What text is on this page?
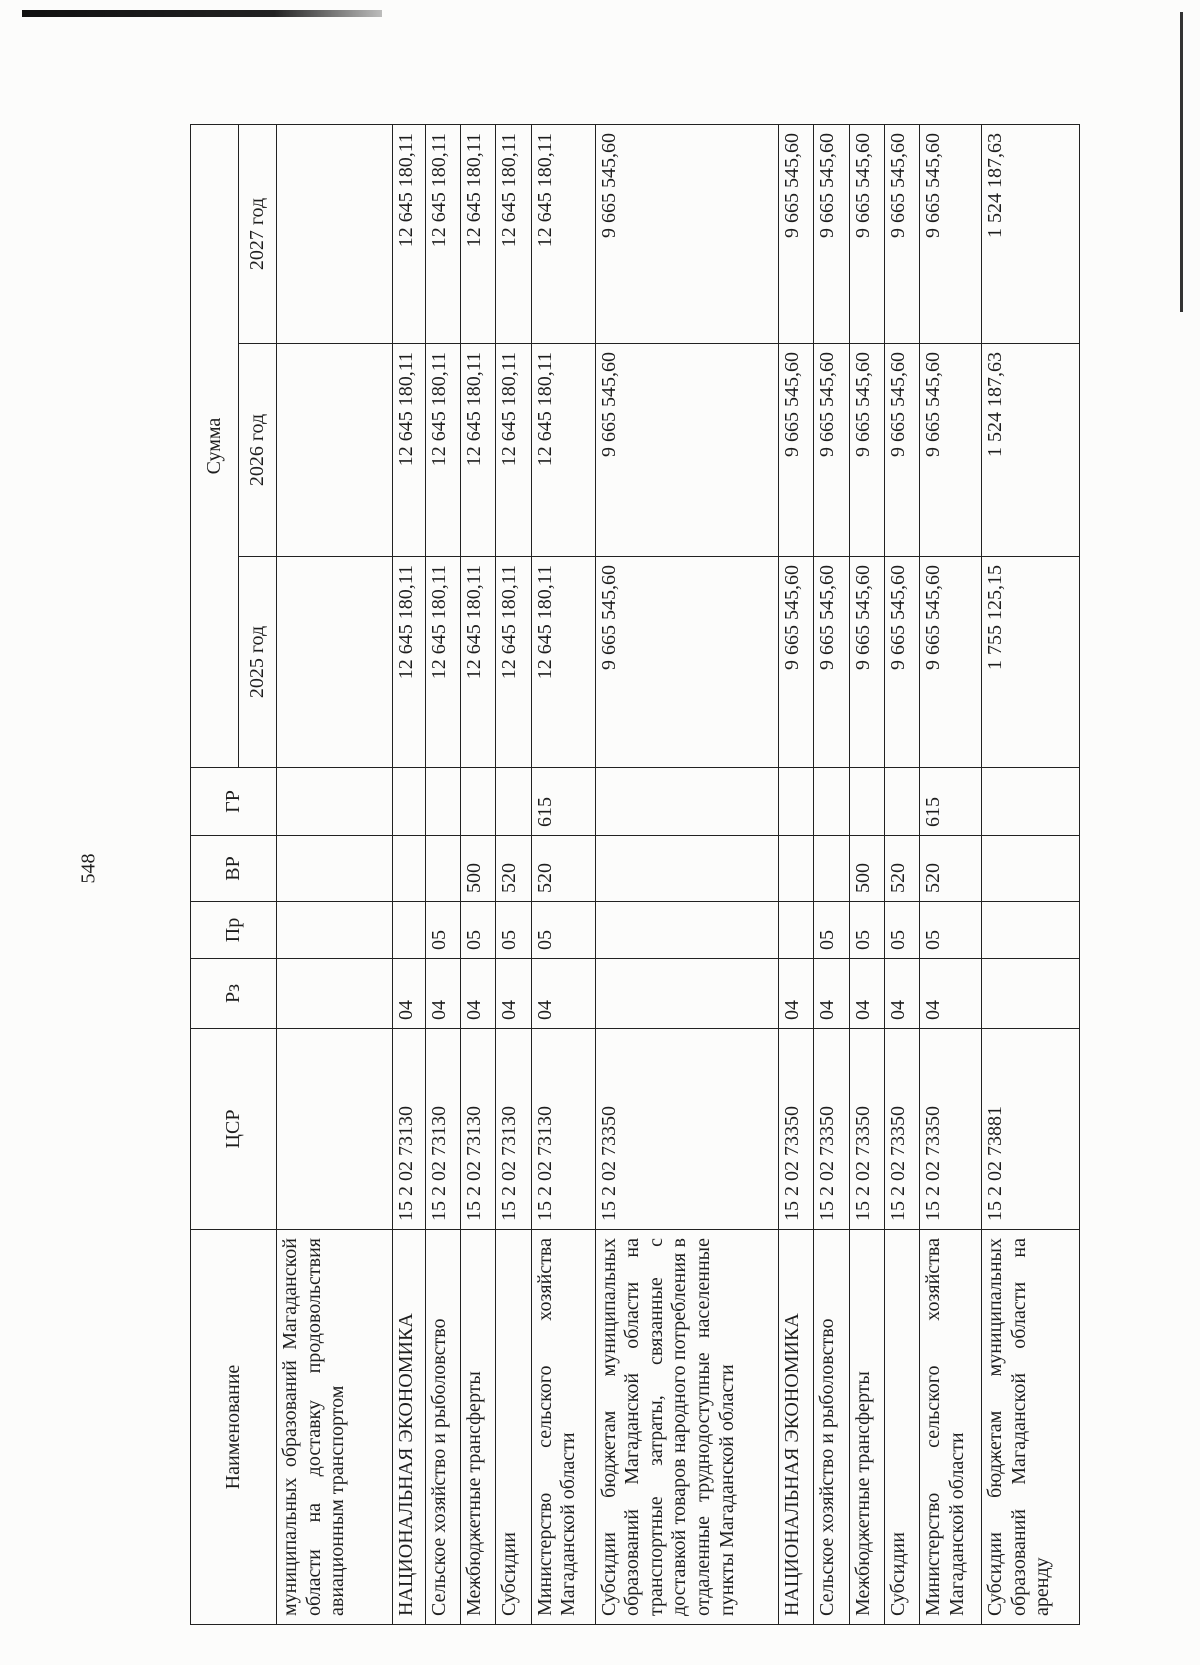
548
Наименование	ЦСР	Рз	Пр	ВР	ГР	Сумма		
						2025 год	2026 год	2027 год
муниципальных образований Магаданской области на доставку продовольствия авиационным транспортом								
НАЦИОНАЛЬНАЯ ЭКОНОМИКА	15 2 02 73130	04				12 645 180,11	12 645 180,11	12 645 180,11
Сельское хозяйство и рыболовство	15 2 02 73130	04	05			12 645 180,11	12 645 180,11	12 645 180,11
Межбюджетные трансферты	15 2 02 73130	04	05	500		12 645 180,11	12 645 180,11	12 645 180,11
Субсидии	15 2 02 73130	04	05	520		12 645 180,11	12 645 180,11	12 645 180,11
Министерство сельского хозяйства Магаданской области	15 2 02 73130	04	05	520	615	12 645 180,11	12 645 180,11	12 645 180,11
Субсидии бюджетам муниципальных образований Магаданской области на транспортные затраты, связанные с доставкой товаров народного потребления в отдаленные труднодоступные населенные пункты Магаданской области	15 2 02 73350					9 665 545,60	9 665 545,60	9 665 545,60
НАЦИОНАЛЬНАЯ ЭКОНОМИКА	15 2 02 73350	04				9 665 545,60	9 665 545,60	9 665 545,60
Сельское хозяйство и рыболовство	15 2 02 73350	04	05			9 665 545,60	9 665 545,60	9 665 545,60
Межбюджетные трансферты	15 2 02 73350	04	05	500		9 665 545,60	9 665 545,60	9 665 545,60
Субсидии	15 2 02 73350	04	05	520		9 665 545,60	9 665 545,60	9 665 545,60
Министерство сельского хозяйства Магаданской области	15 2 02 73350	04	05	520	615	9 665 545,60	9 665 545,60	9 665 545,60
Субсидии бюджетам муниципальных образований Магаданской области на аренду	15 2 02 73881					1 755 125,15	1 524 187,63	1 524 187,63
